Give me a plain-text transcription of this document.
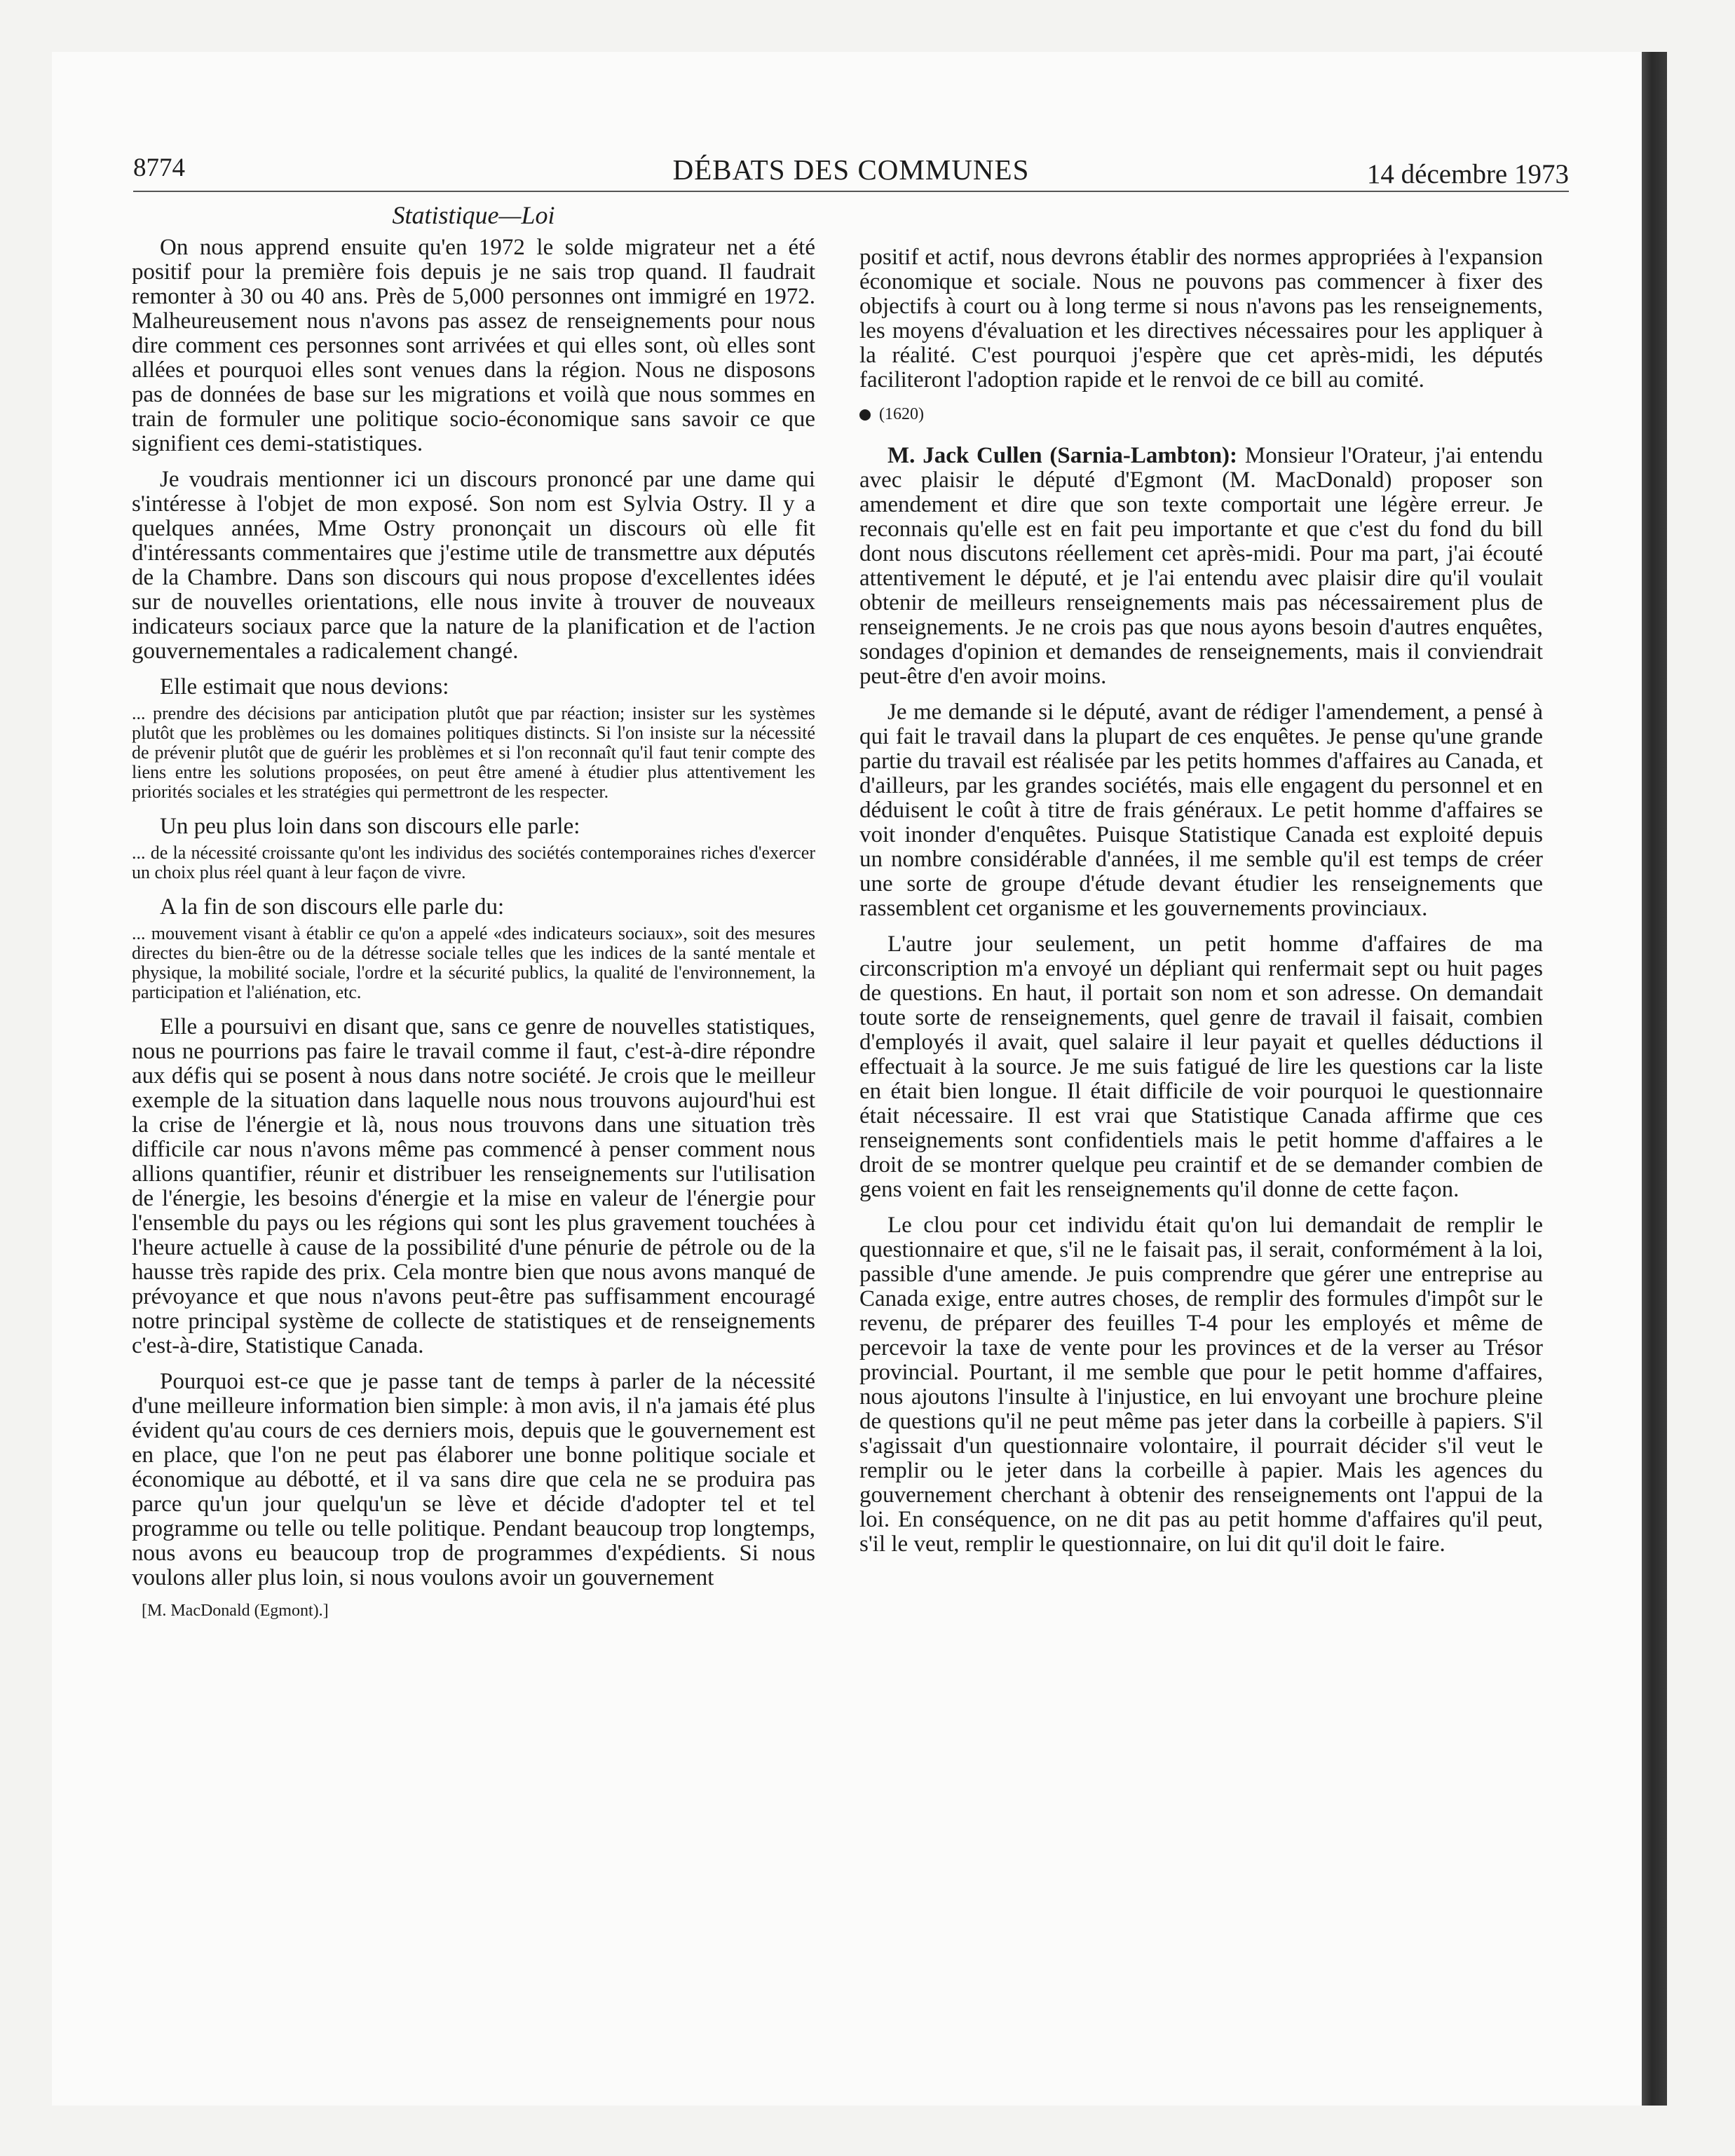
8774	DÉBATS DES COMMUNES	14 décembre 1973
Statistique—Loi

On nous apprend ensuite qu'en 1972 le solde migrateur net a été positif pour la première fois depuis je ne sais trop quand. Il faudrait remonter à 30 ou 40 ans. Près de 5,000 personnes ont immigré en 1972. Malheureusement nous n'avons pas assez de renseignements pour nous dire comment ces personnes sont arrivées et qui elles sont, où elles sont allées et pourquoi elles sont venues dans la région. Nous ne disposons pas de données de base sur les migrations et voilà que nous sommes en train de formuler une politique socio-économique sans savoir ce que signifient ces demi-statistiques.

Je voudrais mentionner ici un discours prononcé par une dame qui s'intéresse à l'objet de mon exposé. Son nom est Sylvia Ostry. Il y a quelques années, Mme Ostry prononçait un discours où elle fit d'intéressants commentaires que j'estime utile de transmettre aux députés de la Chambre. Dans son discours qui nous propose d'excellentes idées sur de nouvelles orientations, elle nous invite à trouver de nouveaux indicateurs sociaux parce que la nature de la planification et de l'action gouvernementales a radicalement changé.

Elle estimait que nous devions:

... prendre des décisions par anticipation plutôt que par réaction; insister sur les systèmes plutôt que les problèmes ou les domaines politiques distincts. Si l'on insiste sur la nécessité de prévenir plutôt que de guérir les problèmes et si l'on reconnaît qu'il faut tenir compte des liens entre les solutions proposées, on peut être amené à étudier plus attentivement les priorités sociales et les stratégies qui permettront de les respecter.

Un peu plus loin dans son discours elle parle:

... de la nécessité croissante qu'ont les individus des sociétés contemporaines riches d'exercer un choix plus réel quant à leur façon de vivre.

A la fin de son discours elle parle du:

... mouvement visant à établir ce qu'on a appelé «des indicateurs sociaux», soit des mesures directes du bien-être ou de la détresse sociale telles que les indices de la santé mentale et physique, la mobilité sociale, l'ordre et la sécurité publics, la qualité de l'environnement, la participation et l'aliénation, etc.

Elle a poursuivi en disant que, sans ce genre de nouvelles statistiques, nous ne pourrions pas faire le travail comme il faut, c'est-à-dire répondre aux défis qui se posent à nous dans notre société. Je crois que le meilleur exemple de la situation dans laquelle nous nous trouvons aujourd'hui est la crise de l'énergie et là, nous nous trouvons dans une situation très difficile car nous n'avons même pas commencé à penser comment nous allions quantifier, réunir et distribuer les renseignements sur l'utilisation de l'énergie, les besoins d'énergie et la mise en valeur de l'énergie pour l'ensemble du pays ou les régions qui sont les plus gravement touchées à l'heure actuelle à cause de la possibilité d'une pénurie de pétrole ou de la hausse très rapide des prix. Cela montre bien que nous avons manqué de prévoyance et que nous n'avons peut-être pas suffisamment encouragé notre principal système de collecte de statistiques et de renseignements c'est-à-dire, Statistique Canada.

Pourquoi est-ce que je passe tant de temps à parler de la nécessité d'une meilleure information bien simple: à mon avis, il n'a jamais été plus évident qu'au cours de ces derniers mois, depuis que le gouvernement est en place, que l'on ne peut pas élaborer une bonne politique sociale et économique au débotté, et il va sans dire que cela ne se produira pas parce qu'un jour quelqu'un se lève et décide d'adopter tel et tel programme ou telle ou telle politique. Pendant beaucoup trop longtemps, nous avons eu beaucoup trop de programmes d'expédients. Si nous voulons aller plus loin, si nous voulons avoir un gouvernement

[M. MacDonald (Egmont).]

positif et actif, nous devrons établir des normes appropriées à l'expansion économique et sociale. Nous ne pouvons pas commencer à fixer des objectifs à court ou à long terme si nous n'avons pas les renseignements, les moyens d'évaluation et les directives nécessaires pour les appliquer à la réalité. C'est pourquoi j'espère que cet après-midi, les députés faciliteront l'adoption rapide et le renvoi de ce bill au comité.

(1620)

M. Jack Cullen (Sarnia-Lambton): Monsieur l'Orateur, j'ai entendu avec plaisir le député d'Egmont (M. MacDonald) proposer son amendement et dire que son texte comportait une légère erreur. Je reconnais qu'elle est en fait peu importante et que c'est du fond du bill dont nous discutons réellement cet après-midi. Pour ma part, j'ai écouté attentivement le député, et je l'ai entendu avec plaisir dire qu'il voulait obtenir de meilleurs renseignements mais pas nécessairement plus de renseignements. Je ne crois pas que nous ayons besoin d'autres enquêtes, sondages d'opinion et demandes de renseignements, mais il conviendrait peut-être d'en avoir moins.

Je me demande si le député, avant de rédiger l'amendement, a pensé à qui fait le travail dans la plupart de ces enquêtes. Je pense qu'une grande partie du travail est réalisée par les petits hommes d'affaires au Canada, et d'ailleurs, par les grandes sociétés, mais elle engagent du personnel et en déduisent le coût à titre de frais généraux. Le petit homme d'affaires se voit inonder d'enquêtes. Puisque Statistique Canada est exploité depuis un nombre considérable d'années, il me semble qu'il est temps de créer une sorte de groupe d'étude devant étudier les renseignements que rassemblent cet organisme et les gouvernements provinciaux.

L'autre jour seulement, un petit homme d'affaires de ma circonscription m'a envoyé un dépliant qui renfermait sept ou huit pages de questions. En haut, il portait son nom et son adresse. On demandait toute sorte de renseignements, quel genre de travail il faisait, combien d'employés il avait, quel salaire il leur payait et quelles déductions il effectuait à la source. Je me suis fatigué de lire les questions car la liste en était bien longue. Il était difficile de voir pourquoi le questionnaire était nécessaire. Il est vrai que Statistique Canada affirme que ces renseignements sont confidentiels mais le petit homme d'affaires a le droit de se montrer quelque peu craintif et de se demander combien de gens voient en fait les renseignements qu'il donne de cette façon.

Le clou pour cet individu était qu'on lui demandait de remplir le questionnaire et que, s'il ne le faisait pas, il serait, conformément à la loi, passible d'une amende. Je puis comprendre que gérer une entreprise au Canada exige, entre autres choses, de remplir des formules d'impôt sur le revenu, de préparer des feuilles T-4 pour les employés et même de percevoir la taxe de vente pour les provinces et de la verser au Trésor provincial. Pourtant, il me semble que pour le petit homme d'affaires, nous ajoutons l'insulte à l'injustice, en lui envoyant une brochure pleine de questions qu'il ne peut même pas jeter dans la corbeille à papiers. S'il s'agissait d'un questionnaire volontaire, il pourrait décider s'il veut le remplir ou le jeter dans la corbeille à papier. Mais les agences du gouvernement cherchant à obtenir des renseignements ont l'appui de la loi. En conséquence, on ne dit pas au petit homme d'affaires qu'il peut, s'il le veut, remplir le questionnaire, on lui dit qu'il doit le faire.
